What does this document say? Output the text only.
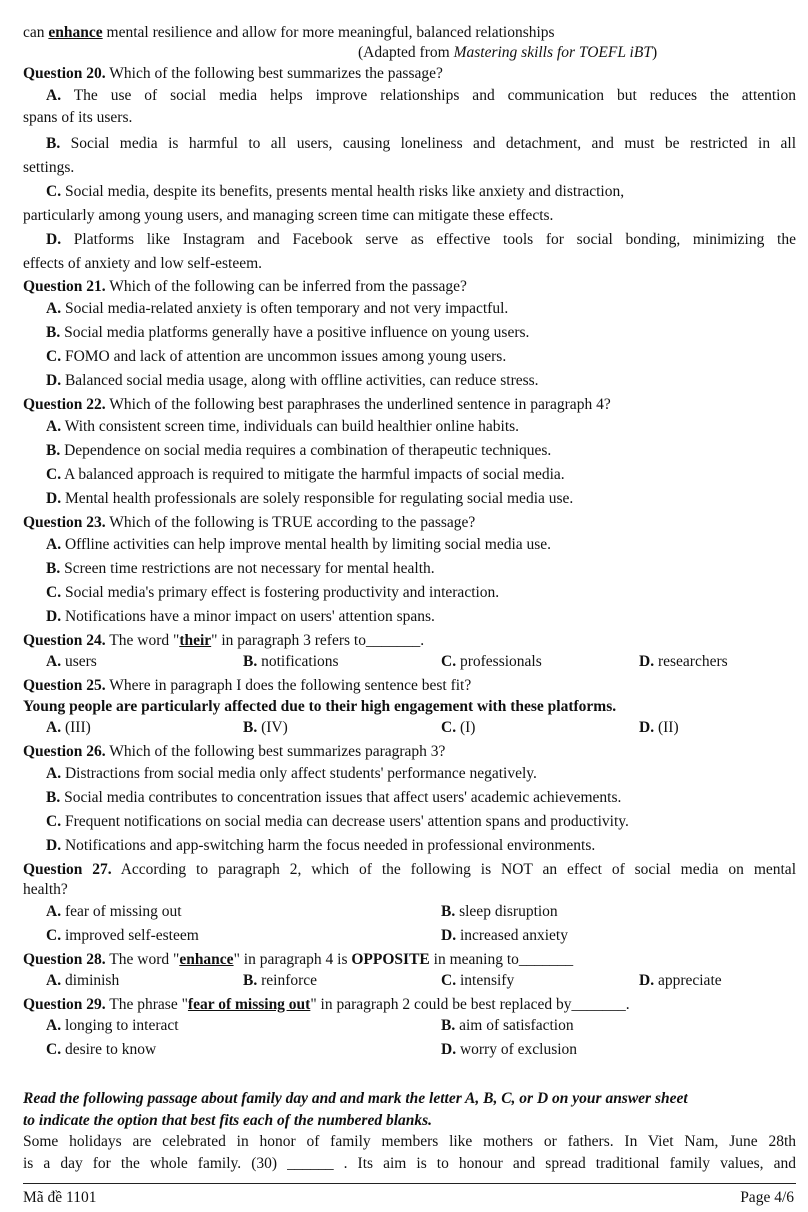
can enhance mental resilience and allow for more meaningful, balanced relationships
(Adapted from Mastering skills for TOEFL iBT)
Question 20. Which of the following best summarizes the passage?
A. The use of social media helps improve relationships and communication but reduces the attention
spans of its users.
B. Social media is harmful to all users, causing loneliness and detachment, and must be restricted in all
settings.
C. Social media, despite its benefits, presents mental health risks like anxiety and distraction,
particularly among young users, and managing screen time can mitigate these effects.
D. Platforms like Instagram and Facebook serve as effective tools for social bonding, minimizing the
effects of anxiety and low self-esteem.
Question 21. Which of the following can be inferred from the passage?
A. Social media-related anxiety is often temporary and not very impactful.
B. Social media platforms generally have a positive influence on young users.
C. FOMO and lack of attention are uncommon issues among young users.
D. Balanced social media usage, along with offline activities, can reduce stress.
Question 22. Which of the following best paraphrases the underlined sentence in paragraph 4?
A. With consistent screen time, individuals can build healthier online habits.
B. Dependence on social media requires a combination of therapeutic techniques.
C. A balanced approach is required to mitigate the harmful impacts of social media.
D. Mental health professionals are solely responsible for regulating social media use.
Question 23. Which of the following is TRUE according to the passage?
A. Offline activities can help improve mental health by limiting social media use.
B. Screen time restrictions are not necessary for mental health.
C. Social media's primary effect is fostering productivity and interaction.
D. Notifications have a minor impact on users' attention spans.
Question 24. The word "their" in paragraph 3 refers to_______.
A. users	B. notifications	C. professionals	D. researchers
Question 25. Where in paragraph I does the following sentence best fit?
Young people are particularly affected due to their high engagement with these platforms.
A. (III)	B. (IV)	C. (I)	D. (II)
Question 26. Which of the following best summarizes paragraph 3?
A. Distractions from social media only affect students' performance negatively.
B. Social media contributes to concentration issues that affect users' academic achievements.
C. Frequent notifications on social media can decrease users' attention spans and productivity.
D. Notifications and app-switching harm the focus needed in professional environments.
Question 27. According to paragraph 2, which of the following is NOT an effect of social media on mental
health?
A. fear of missing out	B. sleep disruption
C. improved self-esteem	D. increased anxiety
Question 28. The word "enhance" in paragraph 4 is OPPOSITE in meaning to_______
A. diminish	B. reinforce	C. intensify	D. appreciate
Question 29. The phrase "fear of missing out" in paragraph 2 could be best replaced by_______.
A. longing to interact	B. aim of satisfaction
C. desire to know	D. worry of exclusion
Read the following passage about family day and and mark the letter A, B, C, or D on your answer sheet
to indicate the option that best fits each of the numbered blanks.
Some holidays are celebrated in honor of family members like mothers or fathers. In Viet Nam, June 28th
is a day for the whole family. (30) ______ . Its aim is to honour and spread traditional family values, and
Mã đề 1101	Page 4/6
